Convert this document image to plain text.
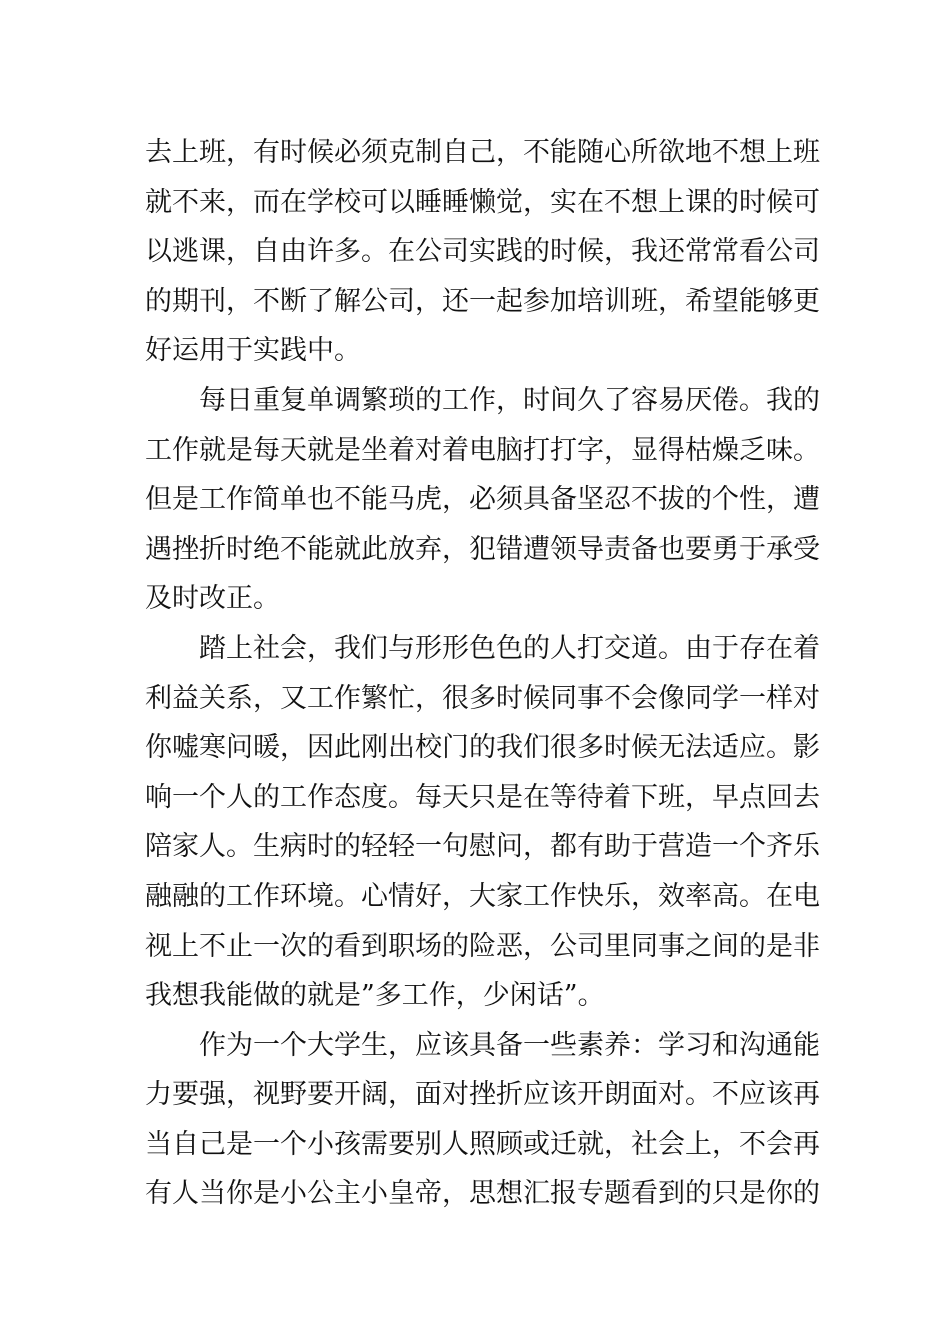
去上班，有时候必须克制自己，不能随心所欲地不想上班
就不来，而在学校可以睡睡懒觉，实在不想上课的时候可
以逃课，自由许多。在公司实践的时候，我还常常看公司
的期刊，不断了解公司，还一起参加培训班，希望能够更
好运用于实践中。
每日重复单调繁琐的工作，时间久了容易厌倦。我的
工作就是每天就是坐着对着电脑打打字，显得枯燥乏味。
但是工作简单也不能马虎，必须具备坚忍不拔的个性，遭
遇挫折时绝不能就此放弃，犯错遭领导责备也要勇于承受
及时改正。
踏上社会，我们与形形色色的人打交道。由于存在着
利益关系，又工作繁忙，很多时候同事不会像同学一样对
你嘘寒问暖，因此刚出校门的我们很多时候无法适应。影
响一个人的工作态度。每天只是在等待着下班，早点回去
陪家人。生病时的轻轻一句慰问，都有助于营造一个齐乐
融融的工作环境。心情好，大家工作快乐，效率高。在电
视上不止一次的看到职场的险恶，公司里同事之间的是非
我想我能做的就是”多工作，少闲话”。
作为一个大学生，应该具备一些素养：学习和沟通能
力要强，视野要开阔，面对挫折应该开朗面对。不应该再
当自己是一个小孩需要别人照顾或迁就，社会上，不会再
有人当你是小公主小皇帝，思想汇报专题看到的只是你的
